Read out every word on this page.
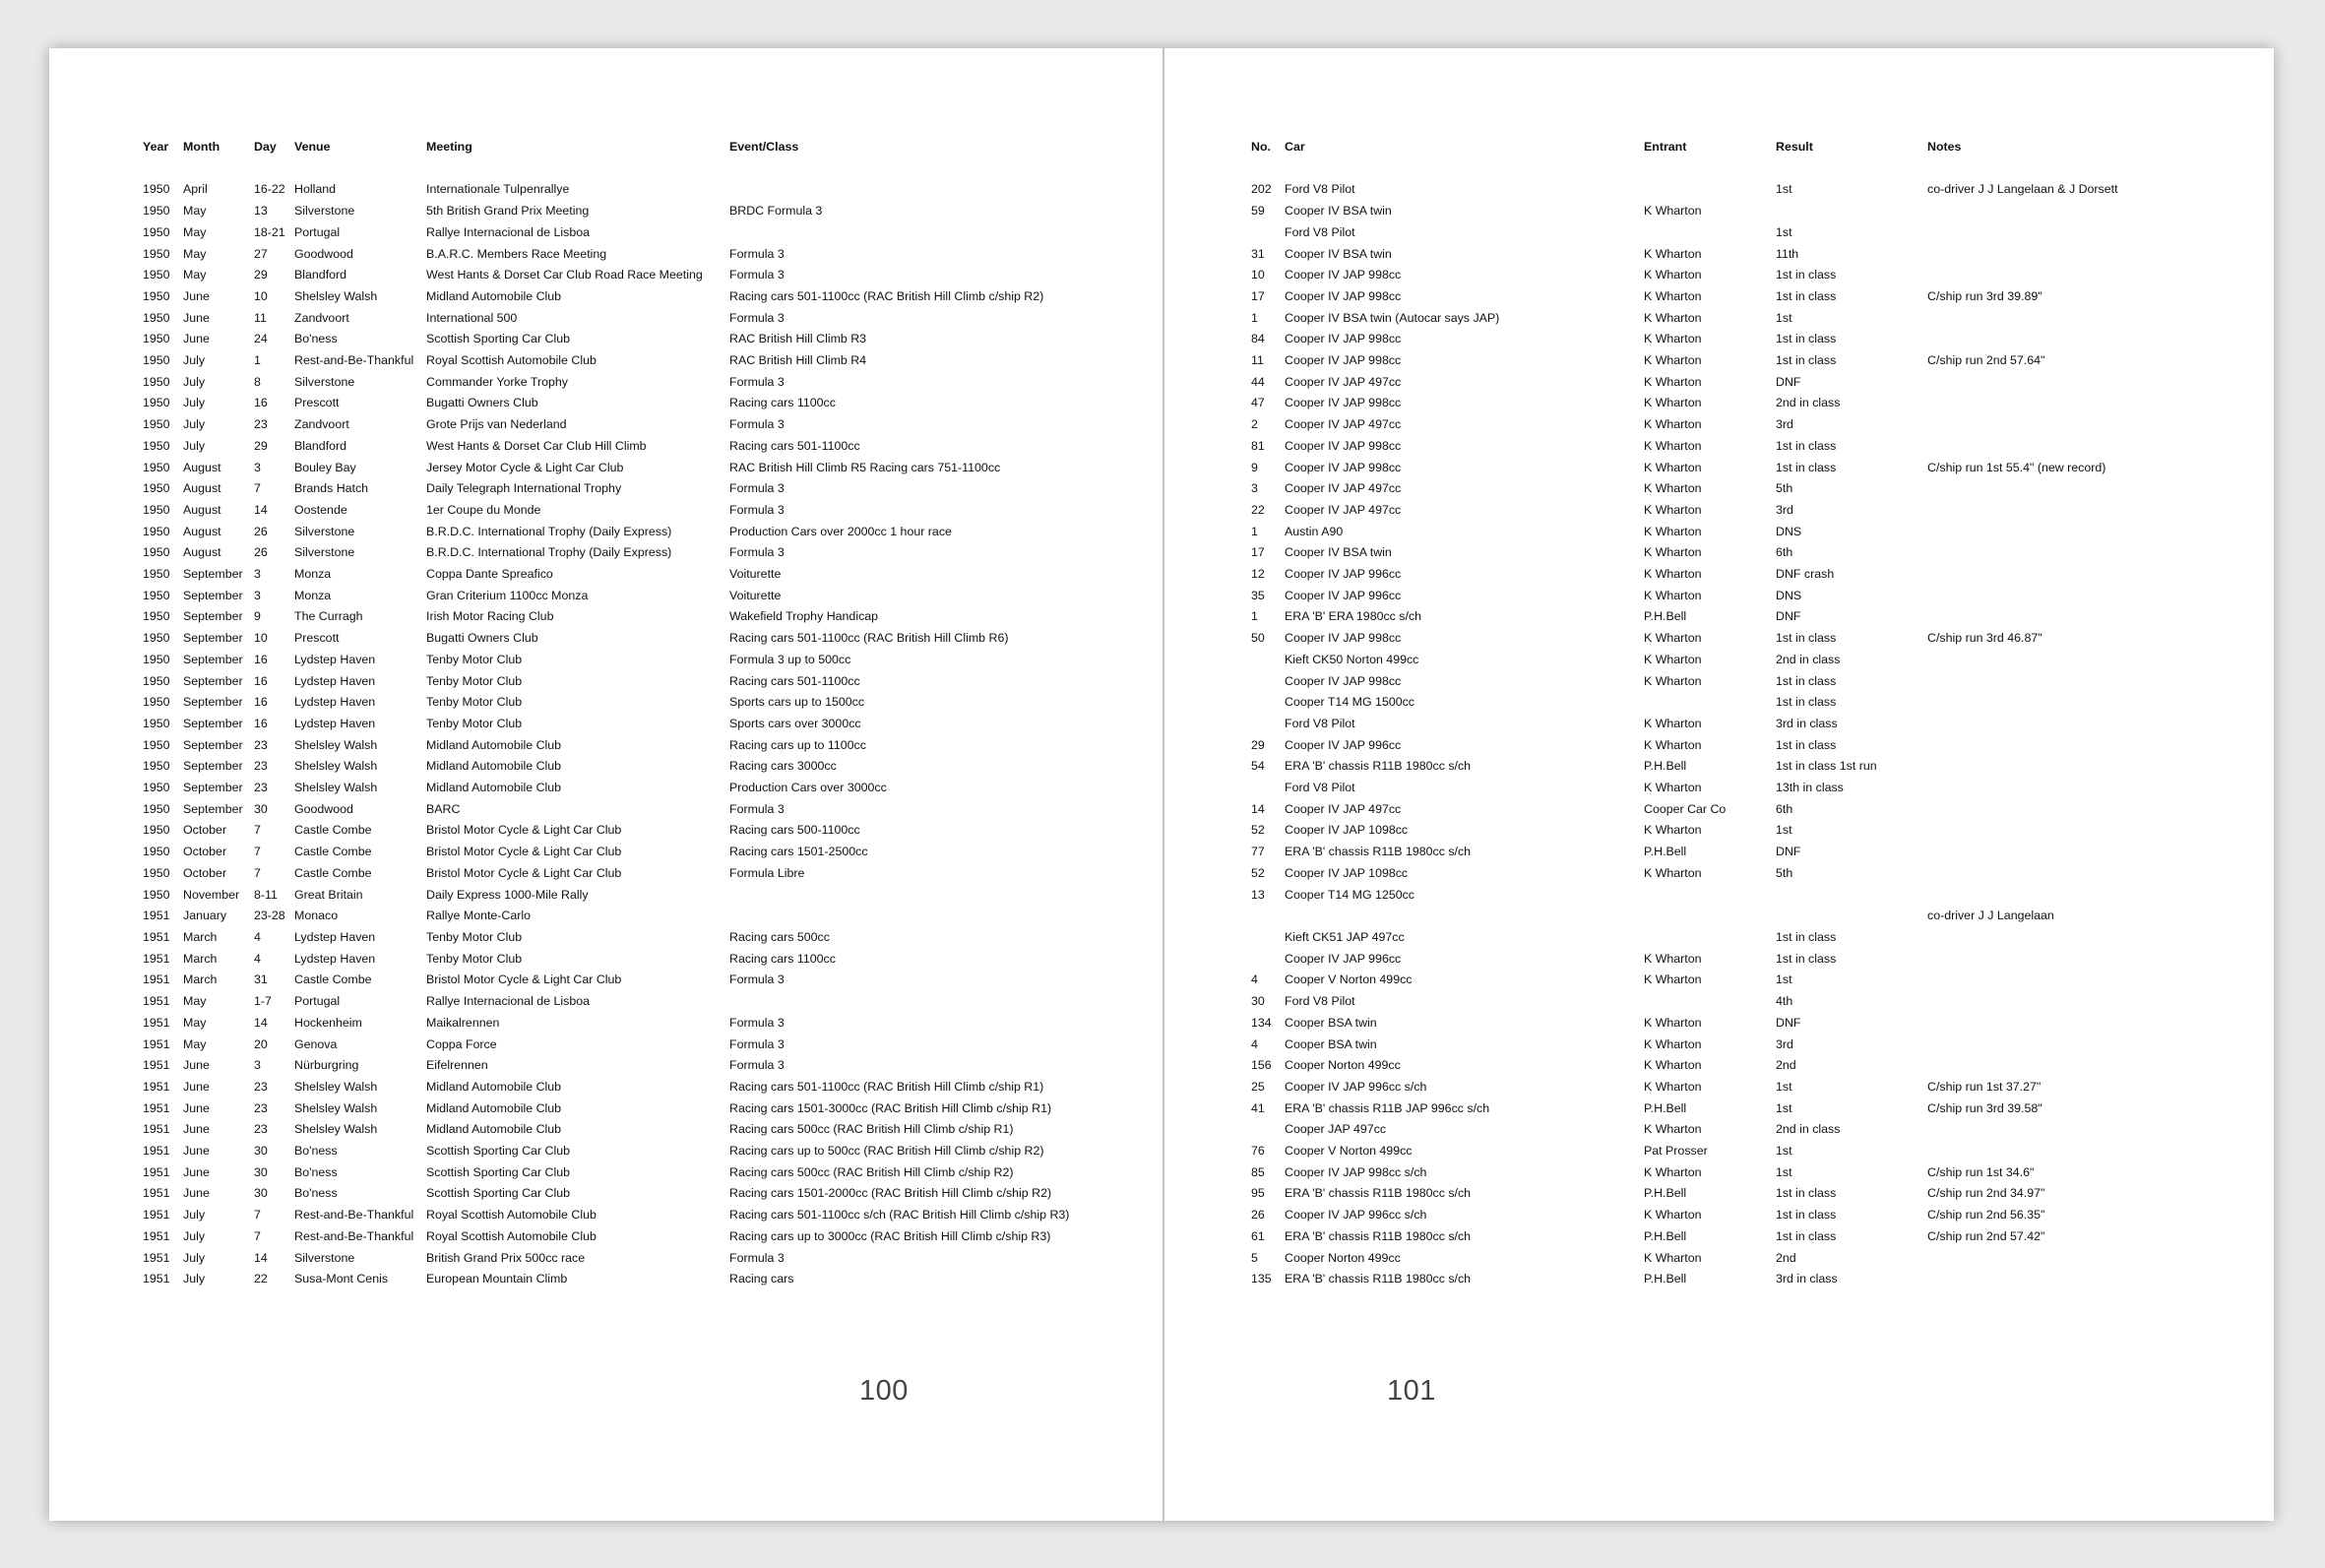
Year	Month	Day	Venue	Meeting	Event/Class

1950	April	16-22	Holland	Internationale Tulpenrallye	
1950	May	13	Silverstone	5th British Grand Prix Meeting	BRDC Formula 3
1950	May	18-21	Portugal	Rallye Internacional de Lisboa	
1950	May	27	Goodwood	B.A.R.C. Members Race Meeting	Formula 3
1950	May	29	Blandford	West Hants & Dorset Car Club Road Race Meeting	Formula 3
1950	June	10	Shelsley Walsh	Midland Automobile Club	Racing cars 501-1100cc (RAC British Hill Climb c/ship R2)
1950	June	11	Zandvoort	International 500	Formula 3
1950	June	24	Bo'ness	Scottish Sporting Car Club	RAC British Hill Climb R3
1950	July	1	Rest-and-Be-Thankful	Royal Scottish Automobile Club	RAC British Hill Climb R4
1950	July	8	Silverstone	Commander Yorke Trophy	Formula 3
1950	July	16	Prescott	Bugatti Owners Club	Racing cars 1100cc
1950	July	23	Zandvoort	Grote Prijs van Nederland	Formula 3
1950	July	29	Blandford	West Hants & Dorset Car Club Hill Climb	Racing cars 501-1100cc
1950	August	3	Bouley Bay	Jersey Motor Cycle & Light Car Club	RAC British Hill Climb R5 Racing cars 751-1100cc
1950	August	7	Brands Hatch	Daily Telegraph International Trophy	Formula 3
1950	August	14	Oostende	1er Coupe du Monde	Formula 3
1950	August	26	Silverstone	B.R.D.C. International Trophy (Daily Express)	Production Cars over 2000cc 1 hour race
1950	August	26	Silverstone	B.R.D.C. International Trophy (Daily Express)	Formula 3
1950	September	3	Monza	Coppa Dante Spreafico	Voiturette
1950	September	3	Monza	Gran Criterium 1100cc Monza	Voiturette
1950	September	9	The Curragh	Irish Motor Racing Club	Wakefield Trophy Handicap
1950	September	10	Prescott	Bugatti Owners Club	Racing cars 501-1100cc (RAC British Hill Climb R6)
1950	September	16	Lydstep Haven	Tenby Motor Club	Formula 3 up to 500cc
1950	September	16	Lydstep Haven	Tenby Motor Club	Racing cars 501-1100cc
1950	September	16	Lydstep Haven	Tenby Motor Club	Sports cars up to 1500cc
1950	September	16	Lydstep Haven	Tenby Motor Club	Sports cars over 3000cc
1950	September	23	Shelsley Walsh	Midland Automobile Club	Racing cars up to 1100cc
1950	September	23	Shelsley Walsh	Midland Automobile Club	Racing cars 3000cc
1950	September	23	Shelsley Walsh	Midland Automobile Club	Production Cars over 3000cc
1950	September	30	Goodwood	BARC	Formula 3
1950	October	7	Castle Combe	Bristol Motor Cycle & Light Car Club	Racing cars 500-1100cc
1950	October	7	Castle Combe	Bristol Motor Cycle & Light Car Club	Racing cars 1501-2500cc
1950	October	7	Castle Combe	Bristol Motor Cycle & Light Car Club	Formula Libre
1950	November	8-11	Great Britain	Daily Express 1000-Mile Rally	
1951	January	23-28	Monaco	Rallye Monte-Carlo	
1951	March	4	Lydstep Haven	Tenby Motor Club	Racing cars 500cc
1951	March	4	Lydstep Haven	Tenby Motor Club	Racing cars 1100cc
1951	March	31	Castle Combe	Bristol Motor Cycle & Light Car Club	Formula 3
1951	May	1-7	Portugal	Rallye Internacional de Lisboa	
1951	May	14	Hockenheim	Maikalrennen	Formula 3
1951	May	20	Genova	Coppa Force	Formula 3
1951	June	3	Nürburgring	Eifelrennen	Formula 3
1951	June	23	Shelsley Walsh	Midland Automobile Club	Racing cars 501-1100cc (RAC British Hill Climb c/ship R1)
1951	June	23	Shelsley Walsh	Midland Automobile Club	Racing cars 1501-3000cc (RAC British Hill Climb c/ship R1)
1951	June	23	Shelsley Walsh	Midland Automobile Club	Racing cars 500cc (RAC British Hill Climb c/ship R1)
1951	June	30	Bo'ness	Scottish Sporting Car Club	Racing cars up to 500cc (RAC British Hill Climb c/ship R2)
1951	June	30	Bo'ness	Scottish Sporting Car Club	Racing cars 500cc (RAC British Hill Climb c/ship R2)
1951	June	30	Bo'ness	Scottish Sporting Car Club	Racing cars 1501-2000cc (RAC British Hill Climb c/ship R2)
1951	July	7	Rest-and-Be-Thankful	Royal Scottish Automobile Club	Racing cars 501-1100cc s/ch (RAC British Hill Climb c/ship R3)
1951	July	7	Rest-and-Be-Thankful	Royal Scottish Automobile Club	Racing cars up to 3000cc (RAC British Hill Climb c/ship R3)
1951	July	14	Silverstone	British Grand Prix 500cc race	Formula 3
1951	July	22	Susa-Mont Cenis	European Mountain Climb	Racing cars
100
No.	Car	Entrant	Result	Notes

202	Ford V8 Pilot		1st	co-driver J J Langelaan & J Dorsett
59	Cooper IV BSA twin	K Wharton		
	Ford V8 Pilot		1st	
31	Cooper IV BSA twin	K Wharton	11th	
10	Cooper IV JAP 998cc	K Wharton	1st in class	
17	Cooper IV JAP 998cc	K Wharton	1st in class	C/ship run 3rd 39.89"
1	Cooper IV BSA twin (Autocar says JAP)	K Wharton	1st	
84	Cooper IV JAP 998cc	K Wharton	1st in class	
11	Cooper IV JAP 998cc	K Wharton	1st in class	C/ship run 2nd 57.64"
44	Cooper IV JAP 497cc	K Wharton	DNF	
47	Cooper IV JAP 998cc	K Wharton	2nd in class	
2	Cooper IV JAP 497cc	K Wharton	3rd	
81	Cooper IV JAP 998cc	K Wharton	1st in class	
9	Cooper IV JAP 998cc	K Wharton	1st in class	C/ship run 1st 55.4" (new record)
3	Cooper IV JAP 497cc	K Wharton	5th	
22	Cooper IV JAP 497cc	K Wharton	3rd	
1	Austin A90	K Wharton	DNS	
17	Cooper IV BSA twin	K Wharton	6th	
12	Cooper IV JAP 996cc	K Wharton	DNF crash	
35	Cooper IV JAP 996cc	K Wharton	DNS	
1	ERA 'B' ERA 1980cc s/ch	P.H.Bell	DNF	
50	Cooper IV JAP 998cc	K Wharton	1st in class	C/ship run 3rd 46.87"
	Kieft CK50 Norton 499cc	K Wharton	2nd in class	
	Cooper IV JAP 998cc	K Wharton	1st in class	
	Cooper T14 MG 1500cc		1st in class	
	Ford V8 Pilot	K Wharton	3rd in class	
29	Cooper IV JAP 996cc	K Wharton	1st in class	
54	ERA 'B' chassis R11B 1980cc s/ch	P.H.Bell	1st in class 1st run	
	Ford V8 Pilot	K Wharton	13th in class	
14	Cooper IV JAP 497cc	Cooper Car Co	6th	
52	Cooper IV JAP 1098cc	K Wharton	1st	
77	ERA 'B' chassis R11B 1980cc s/ch	P.H.Bell	DNF	
52	Cooper IV JAP 1098cc	K Wharton	5th	
13	Cooper T14 MG 1250cc			
				co-driver J J Langelaan
	Kieft CK51 JAP 497cc		1st in class	
	Cooper IV JAP 996cc	K Wharton	1st in class	
4	Cooper V Norton 499cc	K Wharton	1st	
30	Ford V8 Pilot		4th	
134	Cooper BSA twin	K Wharton	DNF	
4	Cooper BSA twin	K Wharton	3rd	
156	Cooper Norton 499cc	K Wharton	2nd	
25	Cooper IV JAP 996cc s/ch	K Wharton	1st	C/ship run 1st 37.27"
41	ERA 'B' chassis R11B JAP 996cc s/ch	P.H.Bell	1st	C/ship run 3rd 39.58"
	Cooper JAP 497cc	K Wharton	2nd in class	
76	Cooper V Norton 499cc	Pat Prosser	1st	
85	Cooper IV JAP 998cc s/ch	K Wharton	1st	C/ship run 1st 34.6"
95	ERA 'B' chassis R11B 1980cc s/ch	P.H.Bell	1st in class	C/ship run 2nd 34.97"
26	Cooper IV JAP 996cc s/ch	K Wharton	1st in class	C/ship run 2nd 56.35"
61	ERA 'B' chassis R11B 1980cc s/ch	P.H.Bell	1st in class	C/ship run 2nd 57.42"
5	Cooper Norton 499cc	K Wharton	2nd	
135	ERA 'B' chassis R11B 1980cc s/ch	P.H.Bell	3rd in class	
101
